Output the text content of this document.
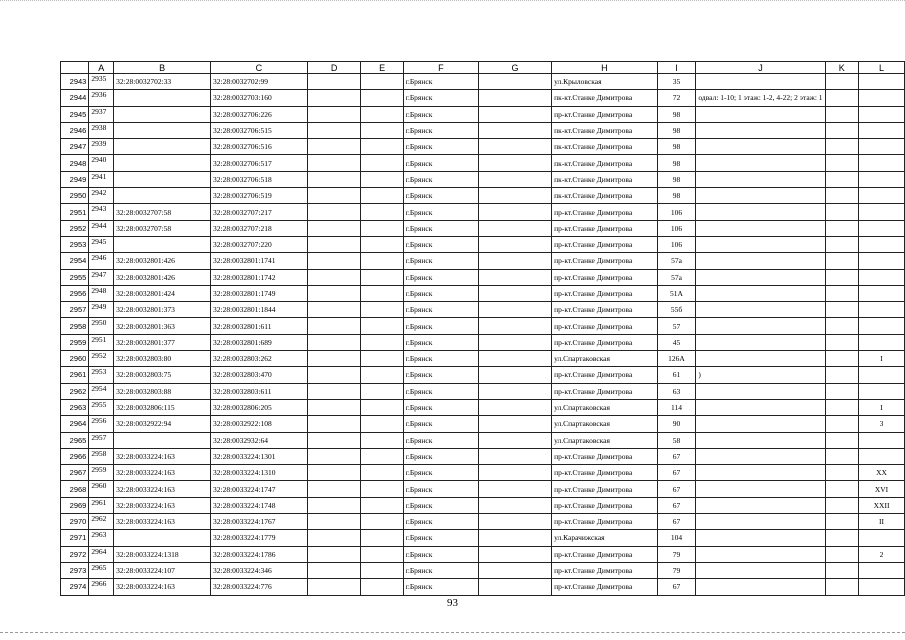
	A	B	C	D	E	F	G	H	I	J	K	L
2943	2935	32:28:0032702:33	32:28:0032702:99			г.Брянск		ул.Крыловская	35			
2944	2936		32:28:0032703:160			г.Брянск		пк-кт.Станке Димитрова	72	одвал: 1-10; 1 этаж: 1-2, 4-22; 2 этаж: 1		
2945	2937		32:28:0032706:226			г.Брянск		пр-кт.Станке Димитрова	98			
2946	2938		32:28:0032706:515			г.Брянск		пк-кт.Станке Димитрова	98			
2947	2939		32:28:0032706:516			г.Брянск		пк-кт.Станке Димитрова	98			
2948	2940		32:28:0032706:517			г.Брянск		пк-кт.Станке Димитрова	98			
2949	2941		32:28:0032706:518			г.Брянск		пк-кт.Станке Димитрова	98			
2950	2942		32:28:0032706:519			г.Брянск		пк-кт.Станке Димитрова	98			
2951	2943	32:28:0032707:58	32:28:0032707:217			г.Брянск		пр-кт.Станке Димитрова	106			
2952	2944	32:28:0032707:58	32:28:0032707:218			г.Брянск		пр-кт.Станке Димитрова	106			
2953	2945		32:28:0032707:220			г.Брянск		пр-кт.Станке Димитрова	106			
2954	2946	32:28:0032801:426	32:28:0032801:1741			г.Брянск		пр-кт.Станке Димитрова	57а			
2955	2947	32:28:0032801:426	32:28:0032801:1742			г.Брянск		пр-кт.Станке Димитрова	57а			
2956	2948	32:28:0032801:424	32:28:0032801:1749			г.Брянск		пр-кт.Станке Димитрова	51А			
2957	2949	32:28:0032801:373	32:28:0032801:1844			г.Брянск		пр-кт.Станке Димитрова	55б			
2958	2950	32:28:0032801:363	32:28:0032801:611			г.Брянск		пр-кт.Станке Димитрова	57			
2959	2951	32:28:0032801:377	32:28:0032801:689			г.Брянск		пр-кт.Станке Димитрова	45			
2960	2952	32:28:0032803:80	32:28:0032803:262			г.Брянск		ул.Спартаковская	126А			I
2961	2953	32:28:0032803:75	32:28:0032803:470			г.Брянск		пр-кт.Станке Димитрова	61	)		
2962	2954	32:28:0032803:88	32:28:0032803:611			г.Брянск		пр-кт.Станке Димитрова	63			
2963	2955	32:28:0032806:115	32:28:0032806:205			г.Брянск		ул.Спартаковская	114			I
2964	2956	32:28:0032922:94	32:28:0032922:108			г.Брянск		ул.Спартаковская	90			3
2965	2957		32:28:0032932:64			г.Брянск		ул.Спартаковская	58			
2966	2958	32:28:0033224:163	32:28:0033224:1301			г.Брянск		пр-кт.Станке Димитрова	67			
2967	2959	32:28:0033224:163	32:28:0033224:1310			г.Брянск		пр-кт.Станке Димитрова	67			XX
2968	2960	32:28:0033224:163	32:28:0033224:1747			г.Брянск		пр-кт.Станке Димитрова	67			XVI
2969	2961	32:28:0033224:163	32:28:0033224:1748			г.Брянск		пр-кт.Станке Димитрова	67			XXII
2970	2962	32:28:0033224:163	32:28:0033224:1767			г.Брянск		пр-кт.Станке Димитрова	67			II
2971	2963		32:28:0033224:1779			г.Брянск		ул.Карачижская	104			
2972	2964	32:28:0033224:1318	32:28:0033224:1786			г.Брянск		пр-кт.Станке Димитрова	79			2
2973	2965	32:28:0033224:107	32:28:0033224:346			г.Брянск		пр-кт.Станке Димитрова	79			
2974	2966	32:28:0033224:163	32:28:0033224:776			г.Брянск		пр-кт.Станке Димитрова	67			
93
